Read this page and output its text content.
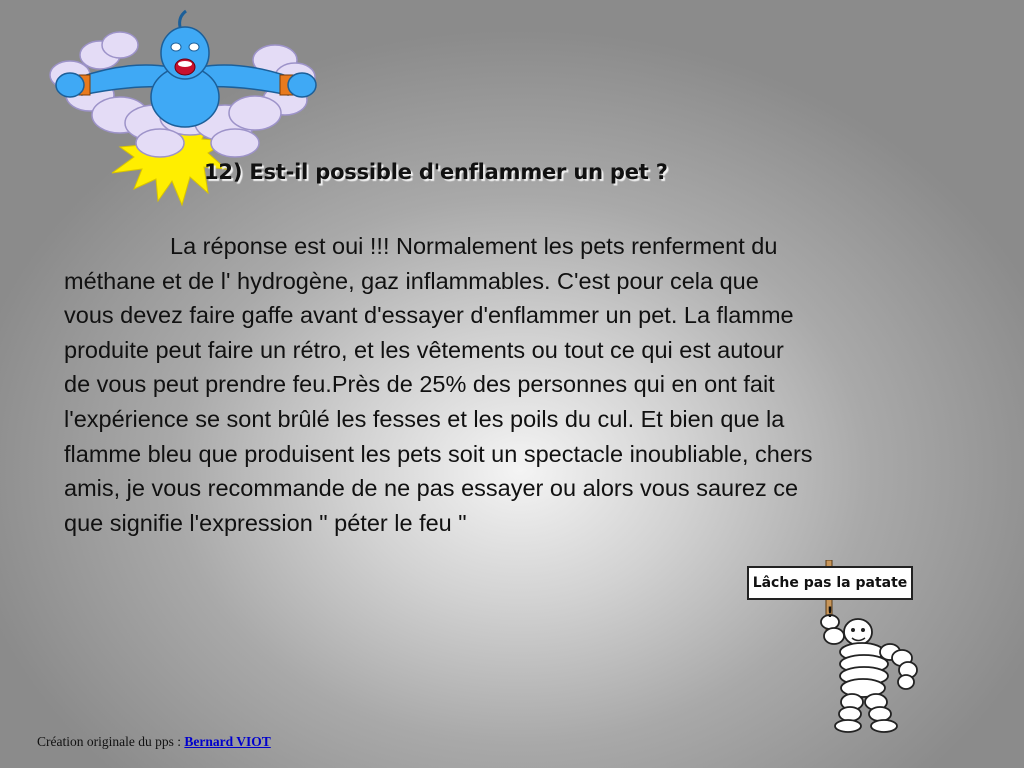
12) Est-il possible d'enflammer un pet ?

La réponse est oui !!! Normalement les pets renferment du
méthane et de l' hydrogène, gaz inflammables. C'est pour cela que
vous devez faire gaffe avant d'essayer d'enflammer un pet. La flamme
produite peut faire un rétro, et les vêtements ou tout ce qui est autour
de vous peut prendre feu.Près de 25% des personnes qui en ont fait
l'expérience se sont brûlé les fesses et les poils du cul. Et bien que la
flamme bleu que produisent les pets soit un spectacle inoubliable, chers
amis, je vous recommande de ne pas essayer ou alors vous saurez ce
que signifie l'expression " péter le feu "

Lâche pas la patate !

Création originale du pps : Bernard VIOT
